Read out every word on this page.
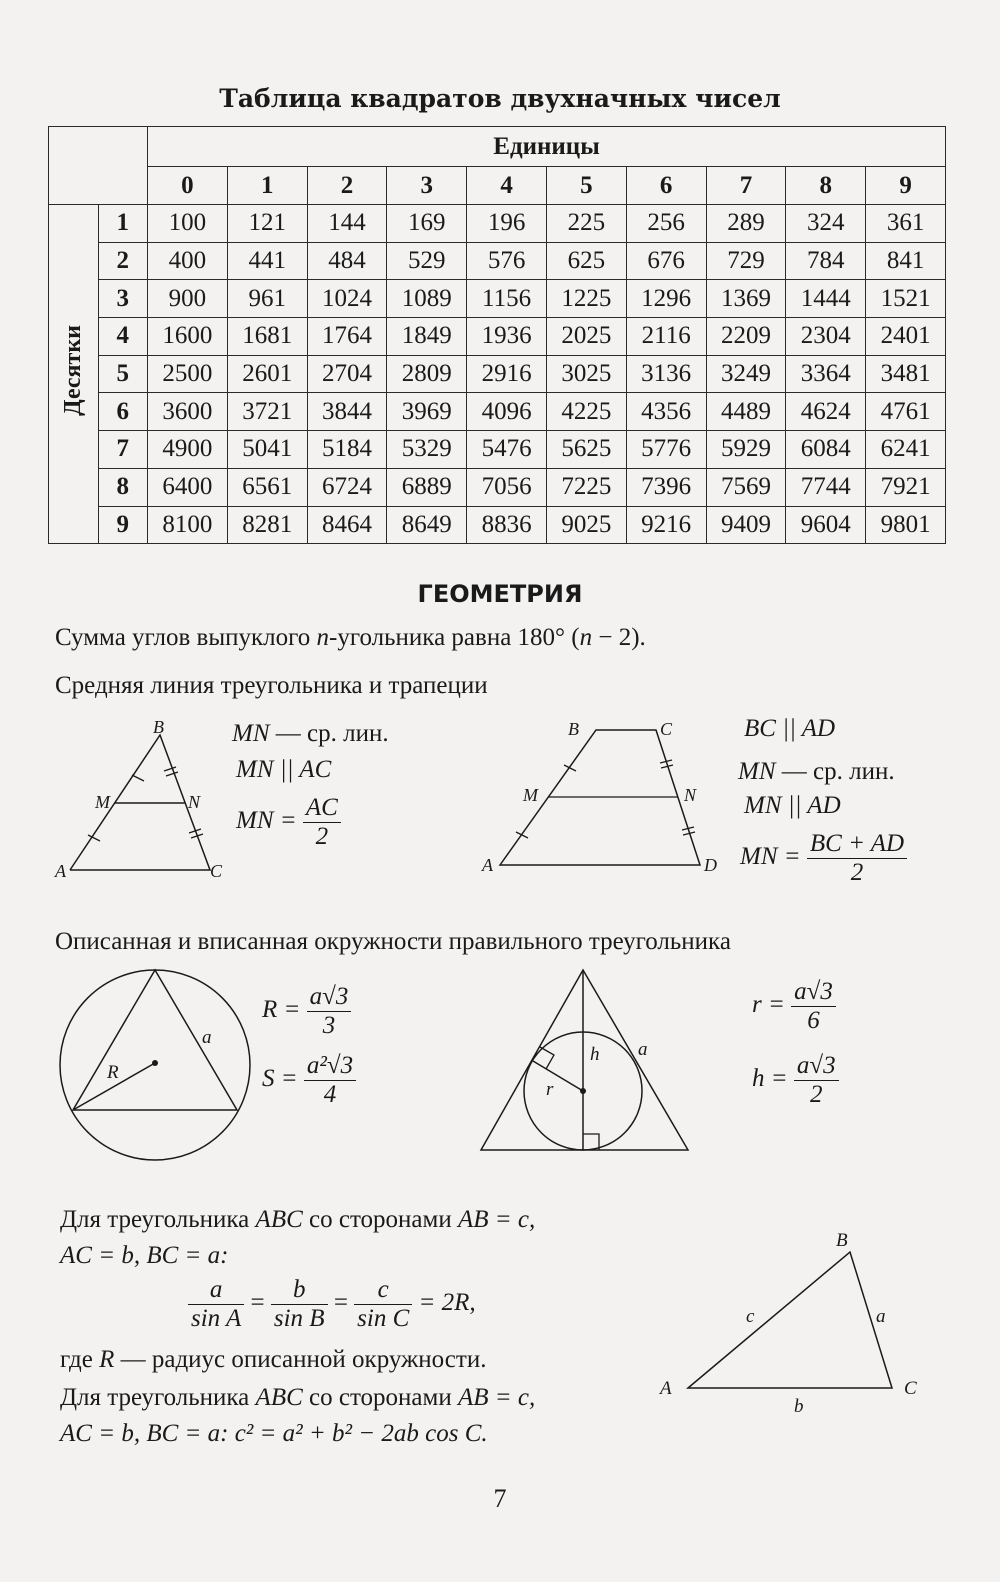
Таблица квадратов двухначных чисел
		Единицы									
		0	1	2	3	4	5	6	7	8	9
Десятки	1	100	121	144	169	196	225	256	289	324	361
	2	400	441	484	529	576	625	676	729	784	841
	3	900	961	1024	1089	1156	1225	1296	1369	1444	1521
	4	1600	1681	1764	1849	1936	2025	2116	2209	2304	2401
	5	2500	2601	2704	2809	2916	3025	3136	3249	3364	3481
	6	3600	3721	3844	3969	4096	4225	4356	4489	4624	4761
	7	4900	5041	5184	5329	5476	5625	5776	5929	6084	6241
	8	6400	6561	6724	6889	7056	7225	7396	7569	7744	7921
	9	8100	8281	8464	8649	8836	9025	9216	9409	9604	9801
ГЕОМЕТРИЯ
Сумма углов выпуклого n-угольника равна 180° (n − 2).
Средняя линия треугольника и трапеции
B
M	N
A	C
MN — ср. лин.
MN || AC
MN = $\frac{AC}{2}$
B	C
M	N
A	D
BC || AD
MN — ср. лин.
MN || AD
MN = $\frac{BC + AD}{2}$
Описанная и вписанная окружности правильного треугольника
R
a
$R = \frac{a√3}{3}$
$S = \frac{\text{a²√3}}{4}$	h
r
a
$r = \frac{a√3}{6}$
$h = \frac{a√3}{2}$
Для треугольника ABC со сторонами AB = c,
AC = b, BC = a:
$\frac{a}{\text{sin A}} = \frac{b}{\text{sin B}} = \frac{c}{\text{sin C}} = 2R$,
где R — радиус описанной окружности.
Для треугольника ABC со сторонами AB = c,
AC = b, BC = a: c² = a² + b² − 2ab cos C.
B
A	C
c	a
b
7
